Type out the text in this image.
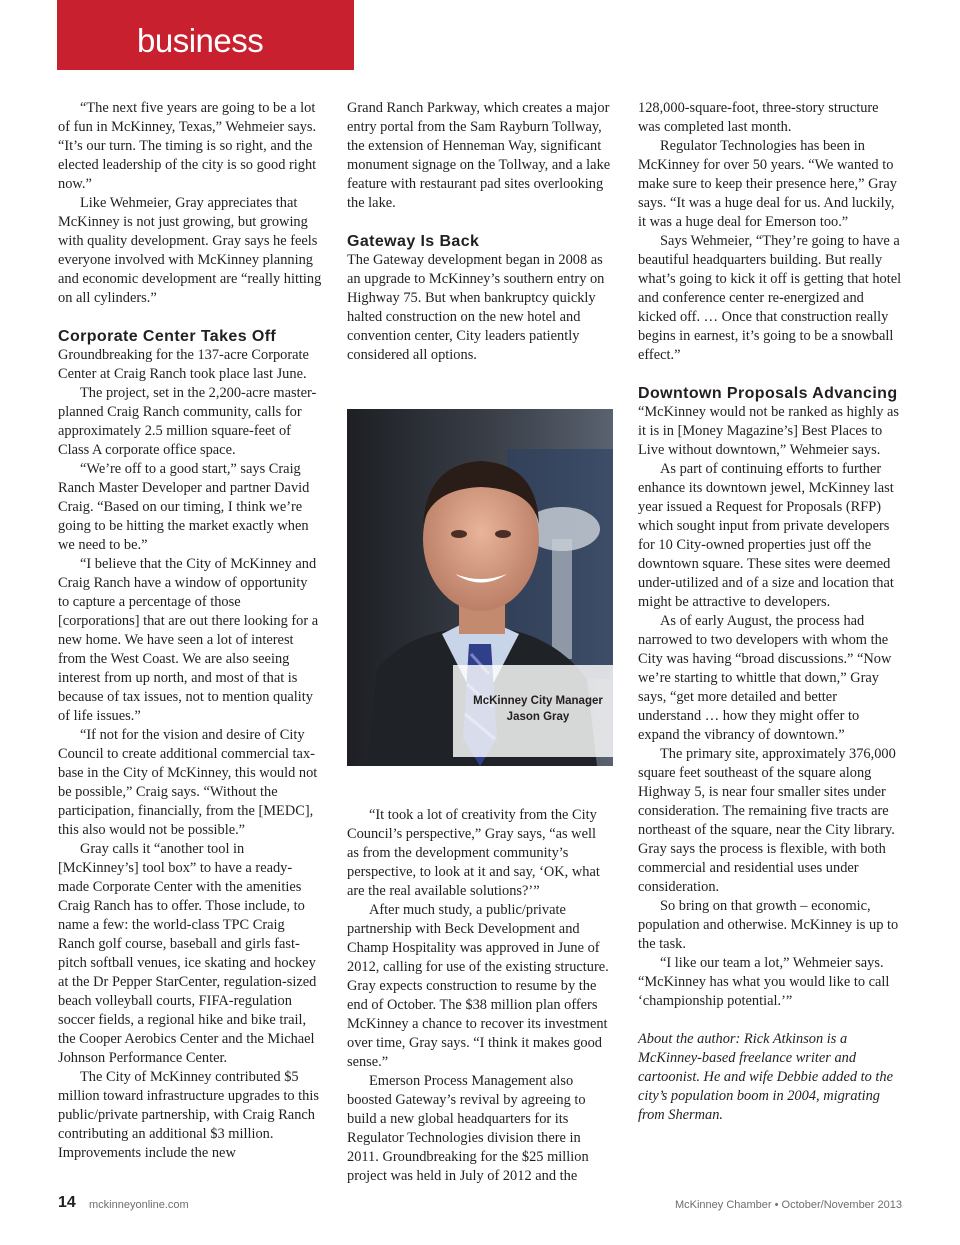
business

“The next five years are going to be a lot of fun in McKinney, Texas,” Wehmeier says. “It’s our turn. The timing is so right, and the elected leadership of the city is so good right now.”

Like Wehmeier, Gray appreciates that McKinney is not just growing, but growing with quality development. Gray says he feels everyone involved with McKinney planning and economic development are “really hitting on all cylinders.”

Corporate Center Takes Off

Groundbreaking for the 137-acre Corporate Center at Craig Ranch took place last June.

The project, set in the 2,200-acre master-planned Craig Ranch community, calls for approximately 2.5 million square-feet of Class A corporate office space.

“We’re off to a good start,” says Craig Ranch Master Developer and partner David Craig. “Based on our timing, I think we’re going to be hitting the market exactly when we need to be.”

“I believe that the City of McKinney and Craig Ranch have a window of opportunity to capture a percentage of those [corporations] that are out there looking for a new home. We have seen a lot of interest from the West Coast. We are also seeing interest from up north, and most of that is because of tax issues, not to mention quality of life issues.”

“If not for the vision and desire of City Council to create additional commercial tax-base in the City of McKinney, this would not be possible,” Craig says. “Without the participation, financially, from the [MEDC], this also would not be possible.”

Gray calls it “another tool in [McKinney’s] tool box” to have a ready-made Corporate Center with the amenities Craig Ranch has to offer. Those include, to name a few: the world-class TPC Craig Ranch golf course, baseball and girls fast-pitch softball venues, ice skating and hockey at the Dr Pepper StarCenter, regulation-sized beach volleyball courts, FIFA-regulation soccer fields, a regional hike and bike trail, the Cooper Aerobics Center and the Michael Johnson Performance Center.

The City of McKinney contributed $5 million toward infrastructure upgrades to this public/private partnership, with Craig Ranch contributing an additional $3 million. Improvements include the new

Grand Ranch Parkway, which creates a major entry portal from the Sam Rayburn Tollway, the extension of Henneman Way, significant monument signage on the Tollway, and a lake feature with restaurant pad sites overlooking the lake.

Gateway Is Back

The Gateway development began in 2008 as an upgrade to McKinney’s southern entry on Highway 75. But when bankruptcy quickly halted construction on the new hotel and convention center, City leaders patiently considered all options.

McKinney City Manager
Jason Gray

“It took a lot of creativity from the City Council’s perspective,” Gray says, “as well as from the development community’s perspective, to look at it and say, ‘OK, what are the real available solutions?’”

After much study, a public/private partnership with Beck Development and Champ Hospitality was approved in June of 2012, calling for use of the existing structure. Gray expects construction to resume by the end of October. The $38 million plan offers McKinney a chance to recover its investment over time, Gray says. “I think it makes good sense.”

Emerson Process Management also boosted Gateway’s revival by agreeing to build a new global headquarters for its Regulator Technologies division there in 2011. Groundbreaking for the $25 million project was held in July of 2012 and the

128,000-square-foot, three-story structure was completed last month.

Regulator Technologies has been in McKinney for over 50 years. “We wanted to make sure to keep their presence here,” Gray says. “It was a huge deal for us. And luckily, it was a huge deal for Emerson too.”

Says Wehmeier, “They’re going to have a beautiful headquarters building. But really what’s going to kick it off is getting that hotel and conference center re-energized and kicked off. … Once that construction really begins in earnest, it’s going to be a snowball effect.”

Downtown Proposals Advancing

“McKinney would not be ranked as highly as it is in [Money Magazine’s] Best Places to Live without downtown,” Wehmeier says.

As part of continuing efforts to further enhance its downtown jewel, McKinney last year issued a Request for Proposals (RFP) which sought input from private developers for 10 City-owned properties just off the downtown square. These sites were deemed under-utilized and of a size and location that might be attractive to developers.

As of early August, the process had narrowed to two developers with whom the City was having “broad discussions.” “Now we’re starting to whittle that down,” Gray says, “get more detailed and better understand … how they might offer to expand the vibrancy of downtown.”

The primary site, approximately 376,000 square feet southeast of the square along Highway 5, is near four smaller sites under consideration. The remaining five tracts are northeast of the square, near the City library. Gray says the process is flexible, with both commercial and residential uses under consideration.

So bring on that growth – economic, population and otherwise. McKinney is up to the task.

“I like our team a lot,” Wehmeier says. “McKinney has what you would like to call ‘championship potential.’”

About the author: Rick Atkinson is a McKinney-based freelance writer and cartoonist. He and wife Debbie added to the city’s population boom in 2004, migrating from Sherman.

14 mckinneyonline.com	McKinney Chamber • October/November 2013
